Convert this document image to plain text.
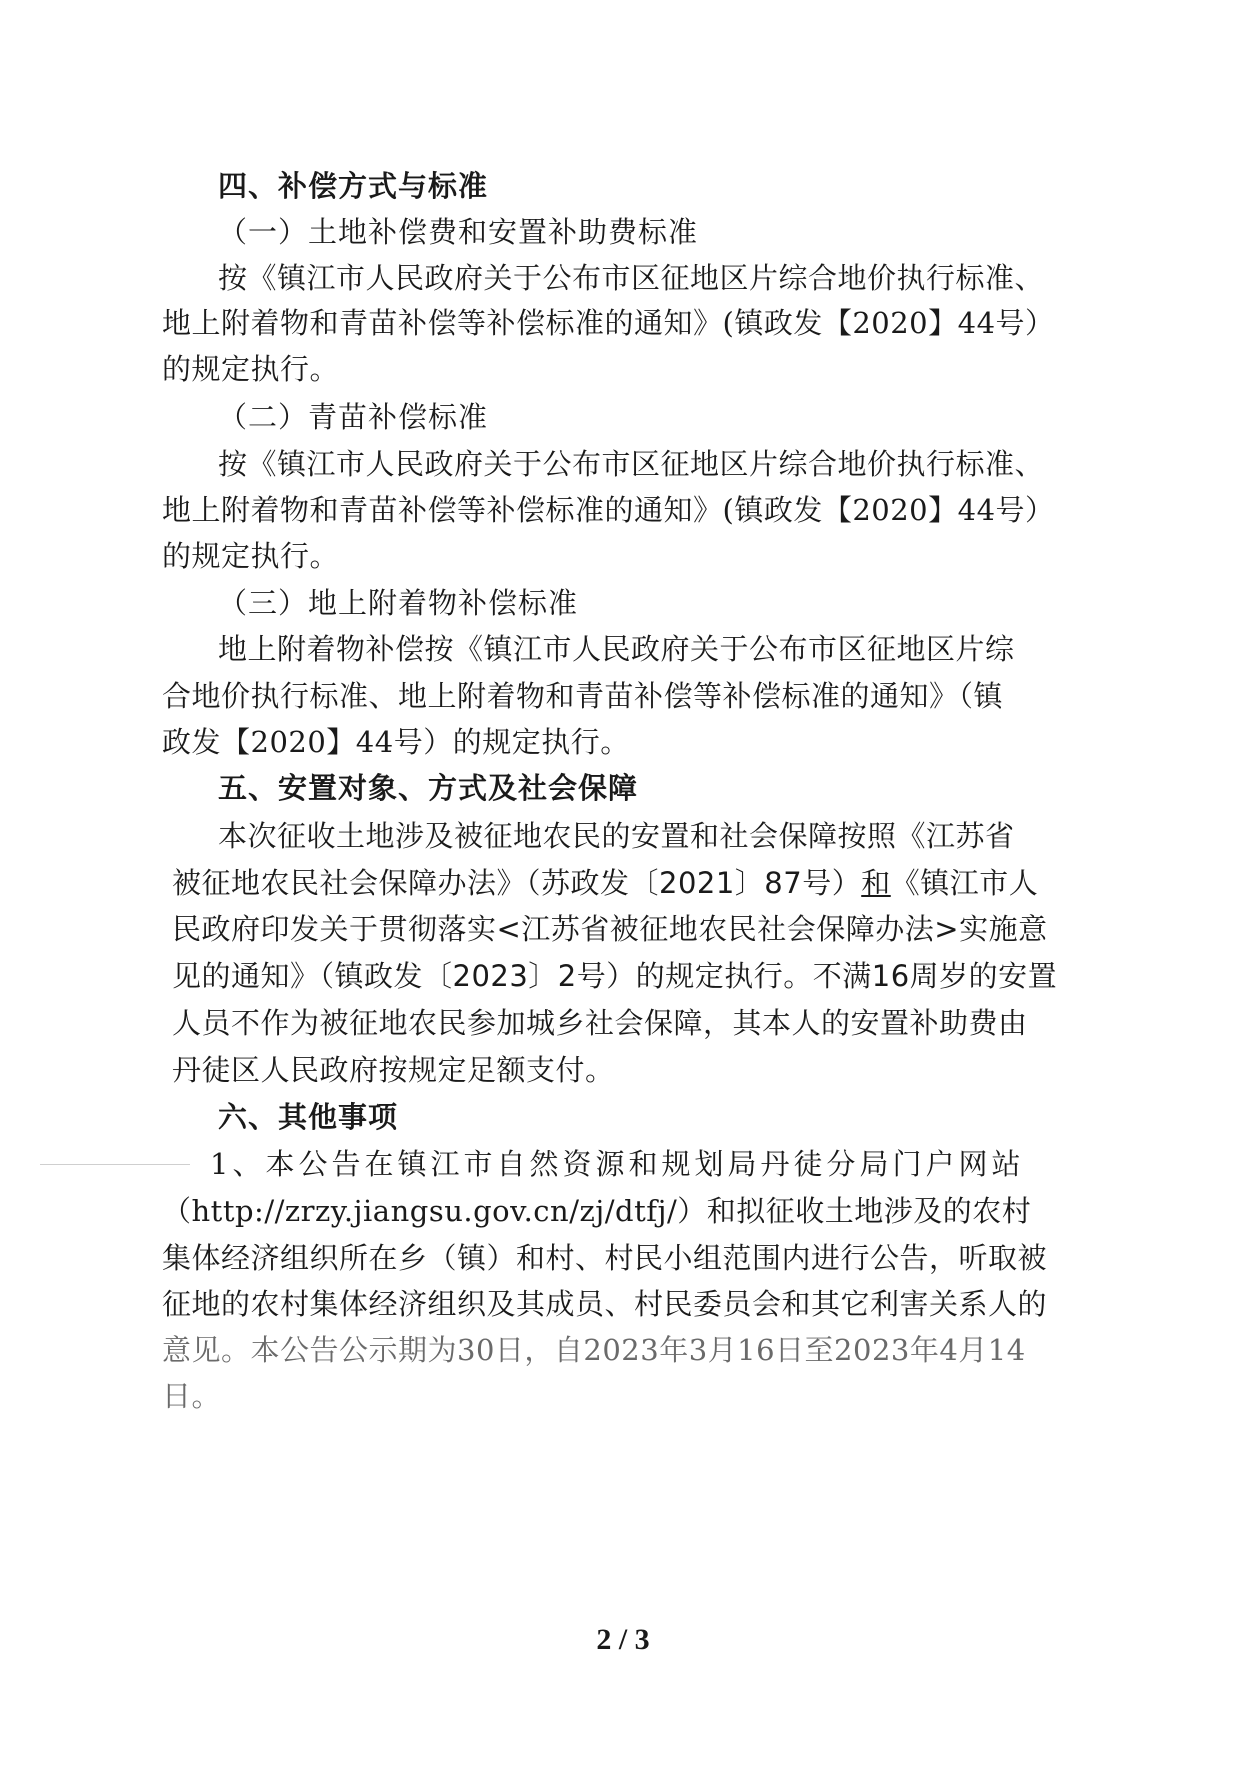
四、补偿方式与标准
（一）土地补偿费和安置补助费标准
按《镇江市人民政府关于公布市区征地区片综合地价执行标准、
地上附着物和青苗补偿等补偿标准的通知》(镇政发【2020】44号）
的规定执行。
（二）青苗补偿标准
按《镇江市人民政府关于公布市区征地区片综合地价执行标准、
地上附着物和青苗补偿等补偿标准的通知》(镇政发【2020】44号）
的规定执行。
（三）地上附着物补偿标准
地上附着物补偿按《镇江市人民政府关于公布市区征地区片综
合地价执行标准、地上附着物和青苗补偿等补偿标准的通知》（镇
政发【2020】44号）的规定执行。
五、安置对象、方式及社会保障
本次征收土地涉及被征地农民的安置和社会保障按照《江苏省
被征地农民社会保障办法》（苏政发〔2021〕87号）和《镇江市人
民政府印发关于贯彻落实<江苏省被征地农民社会保障办法>实施意
见的通知》（镇政发〔2023〕2号）的规定执行。不满16周岁的安置
人员不作为被征地农民参加城乡社会保障，其本人的安置补助费由
丹徒区人民政府按规定足额支付。
六、其他事项
1、本公告在镇江市自然资源和规划局丹徒分局门户网站
（http://zrzy.jiangsu.gov.cn/zj/dtfj/）和拟征收土地涉及的农村
集体经济组织所在乡（镇）和村、村民小组范围内进行公告，听取被
征地的农村集体经济组织及其成员、村民委员会和其它利害关系人的
意见。本公告公示期为30日，自2023年3月16日至2023年4月14
日。
2 / 3
